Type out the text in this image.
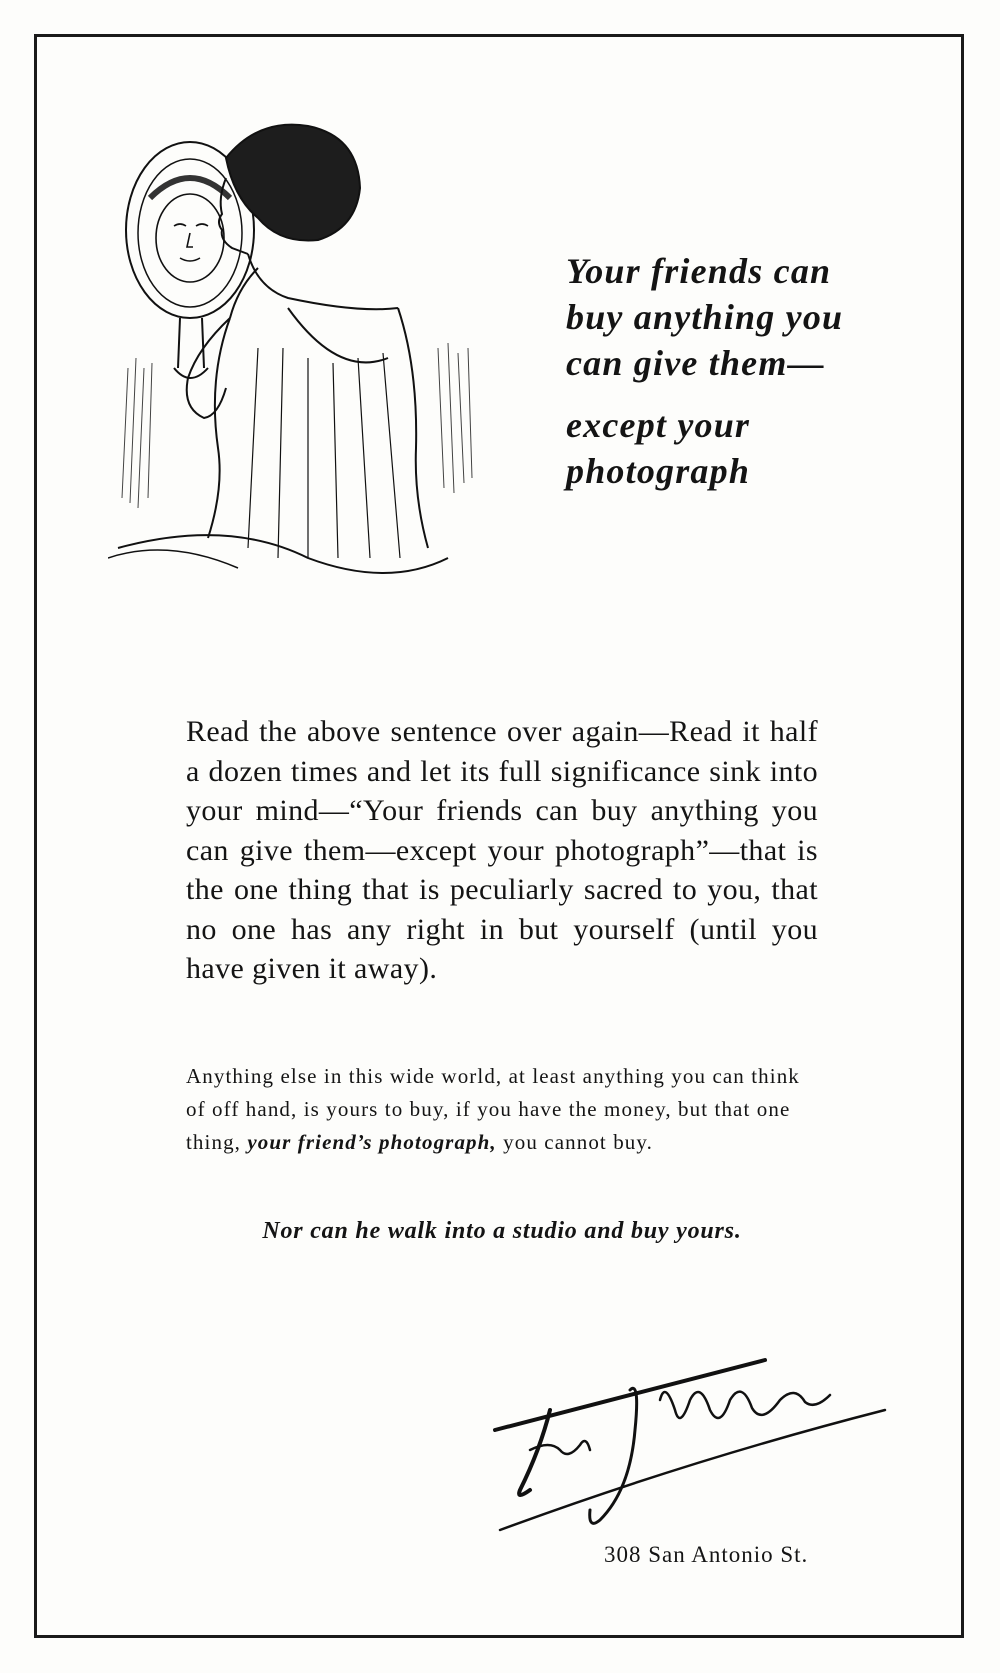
Your friends can

buy anything you

can give them—

except your

photograph

Read the above sentence over again—Read it half a dozen times and let its full significance sink into your mind—“Your friends can buy anything you can give them—except your photograph”—that is the one thing that is peculiarly sacred to you, that no one has any right in but yourself (until you have given it away).

Anything else in this wide world, at least anything you can think of off hand, is yours to buy, if you have the money, but that one thing, your friend’s photograph, you cannot buy.

Nor can he walk into a studio and buy yours.

308 San Antonio St.
